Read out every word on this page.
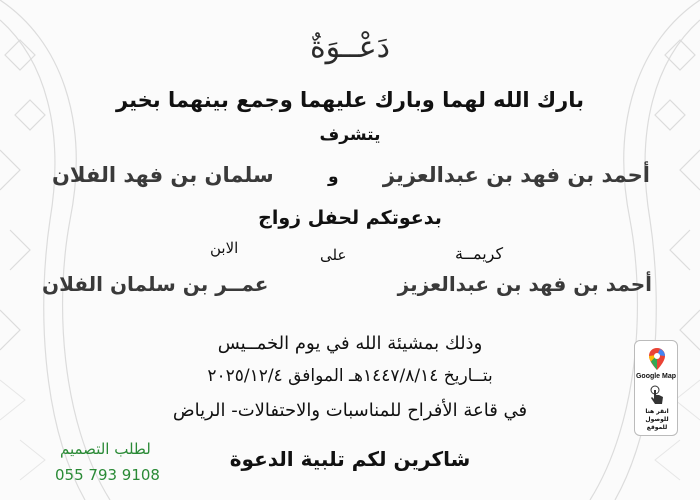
دَعْــوَةٌ
بارك الله لهما وبارك عليهما وجمع بينهما بخير
يتشرف
أحمد بن فهد بن عبدالعزيز
و
سلمان بن فهد الفلان
بدعوتكم لحفل زواج
كريمــة
على
الابن
أحمد بن فهد بن عبدالعزيز
عمــر بن سلمان الفلان
وذلك بمشيئة الله في يوم الخمــيس
بتــاريخ ١٤٤٧/٨/١٤هـ الموافق ٢٠٢٥/١٢/٤
في قاعة الأفراح للمناسبات والاحتفالات- الرياض
شاكرين لكم تلبية الدعوة
لطلب التصميم
055 793 9108
Google Map
انقر هنا للوصول للموقع
